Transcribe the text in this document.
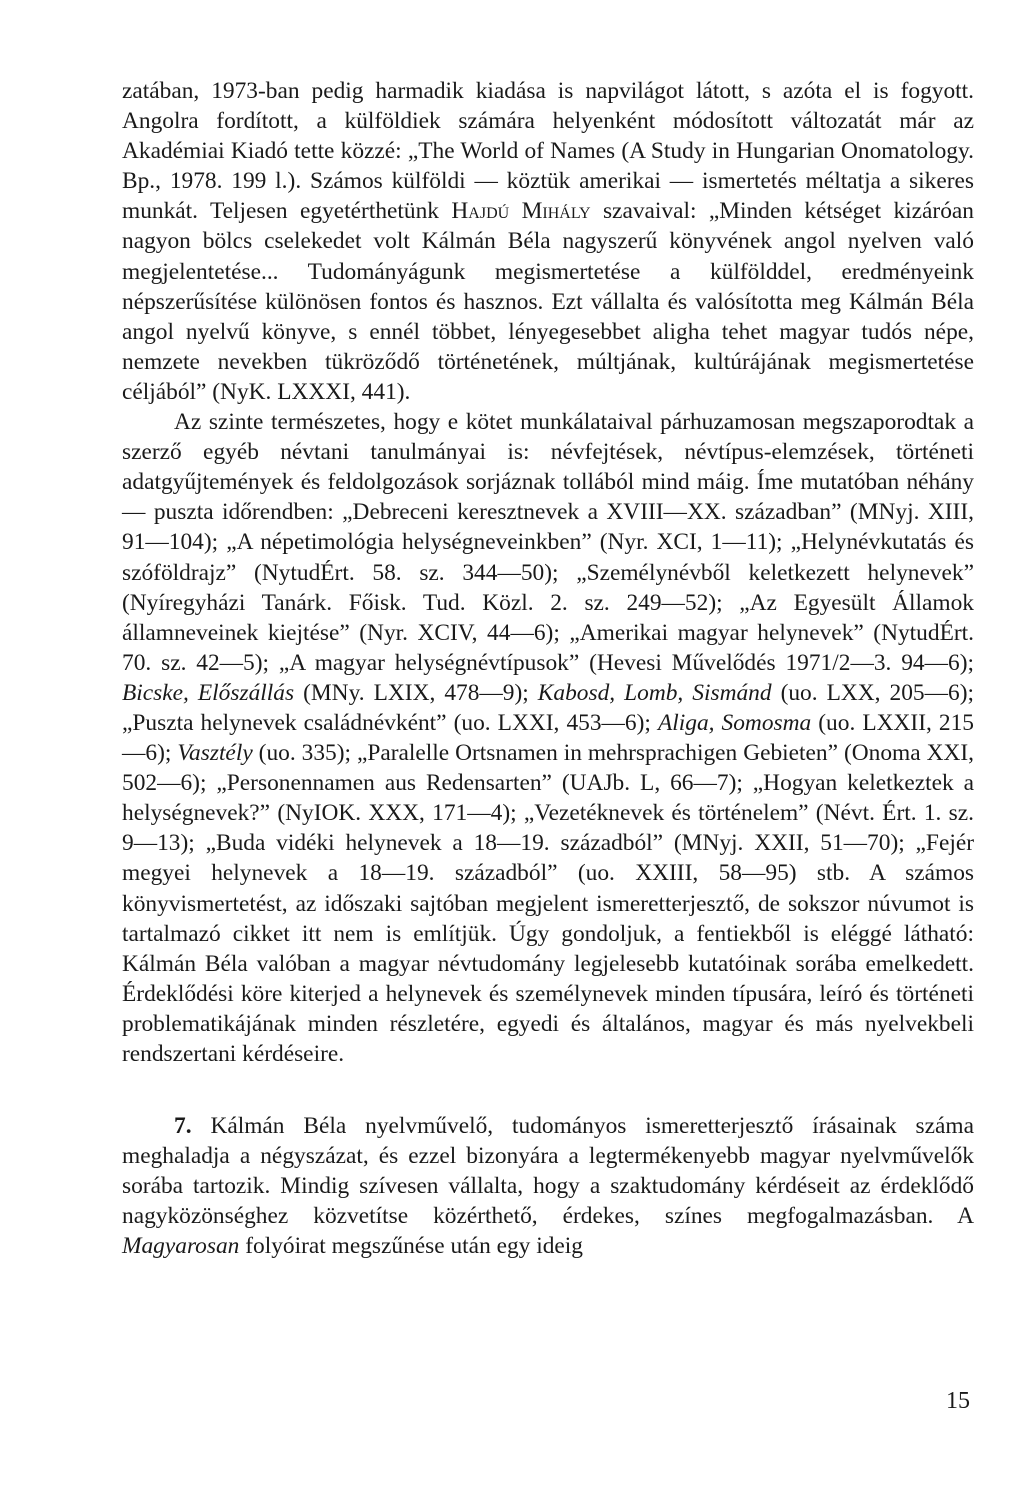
zatában, 1973-ban pedig harmadik kiadása is napvilágot látott, s azóta el is fogyott. Angolra fordított, a külföldiek számára helyenként módosított változatát már az Akadémiai Kiadó tette közzé: „The World of Names (A Study in Hungarian Onomatology. Bp., 1978. 199 l.). Számos külföldi — köztük amerikai — ismertetés méltatja a sikeres munkát. Teljesen egyetérthetünk Hajdú Mihály szavaival: „Minden kétséget kizáróan nagyon bölcs cselekedet volt Kálmán Béla nagyszerű könyvének angol nyelven való megjelentetése... Tudományágunk megismertetése a külfölddel, eredményeink népszerűsítése különösen fontos és hasznos. Ezt vállalta és valósította meg Kálmán Béla angol nyelvű könyve, s ennél többet, lényegesebbet aligha tehet magyar tudós népe, nemzete nevekben tükröződő történetének, múltjának, kultúrájának megismertetése céljából” (NyK. LXXXI, 441).

Az szinte természetes, hogy e kötet munkálataival párhuzamosan megszaporodtak a szerző egyéb névtani tanulmányai is: névfejtések, névtípus-elemzések, történeti adatgyűjtemények és feldolgozások sorjáznak tollából mind máig. Íme mutatóban néhány — puszta időrendben: „Debreceni keresztnevek a XVIII—XX. században” (MNyj. XIII, 91—104); „A népetimológia helységneveinkben” (Nyr. XCI, 1—11); „Helynévkutatás és szóföldrajz” (NytudÉrt. 58. sz. 344—50); „Személynévből keletkezett helynevek” (Nyíregyházi Tanárk. Főisk. Tud. Közl. 2. sz. 249—52); „Az Egyesült Államok államneveinek kiejtése” (Nyr. XCIV, 44—6); „Amerikai magyar helynevek” (NytudÉrt. 70. sz. 42—5); „A magyar helységnévtípusok” (Hevesi Művelődés 1971/2—3. 94—6); Bicske, Előszállás (MNy. LXIX, 478—9); Kabosd, Lomb, Sismánd (uo. LXX, 205—6); „Puszta helynevek családnévként” (uo. LXXI, 453—6); Aliga, Somosma (uo. LXXII, 215—6); Vasztély (uo. 335); „Paralelle Ortsnamen in mehrsprachigen Gebieten” (Onoma XXI, 502—6); „Personennamen aus Redensarten” (UAJb. L, 66—7); „Hogyan keletkeztek a helységnevek?” (NyIOK. XXX, 171—4); „Vezetéknevek és történelem” (Névt. Ért. 1. sz. 9—13); „Buda vidéki helynevek a 18—19. századból” (MNyj. XXII, 51—70); „Fejér megyei helynevek a 18—19. századból” (uo. XXIII, 58—95) stb. A számos könyvismertetést, az időszaki sajtóban megjelent ismeretterjesztő, de sokszor núvumot is tartalmazó cikket itt nem is említjük. Úgy gondoljuk, a fentiekből is eléggé látható: Kálmán Béla valóban a magyar névtudomány legjelesebb kutatóinak sorába emelkedett. Érdeklődési köre kiterjed a helynevek és személynevek minden típusára, leíró és történeti problematikájának minden részletére, egyedi és általános, magyar és más nyelvekbeli rendszertani kérdéseire.

7. Kálmán Béla nyelvművelő, tudományos ismeretterjesztő írásainak száma meghaladja a négyszázat, és ezzel bizonyára a legtermékenyebb magyar nyelvművelők sorába tartozik. Mindig szívesen vállalta, hogy a szaktudomány kérdéseit az érdeklődő nagyközönséghez közvetítse közérthető, érdekes, színes megfogalmazásban. A Magyarosan folyóirat megszűnése után egy ideig

15
